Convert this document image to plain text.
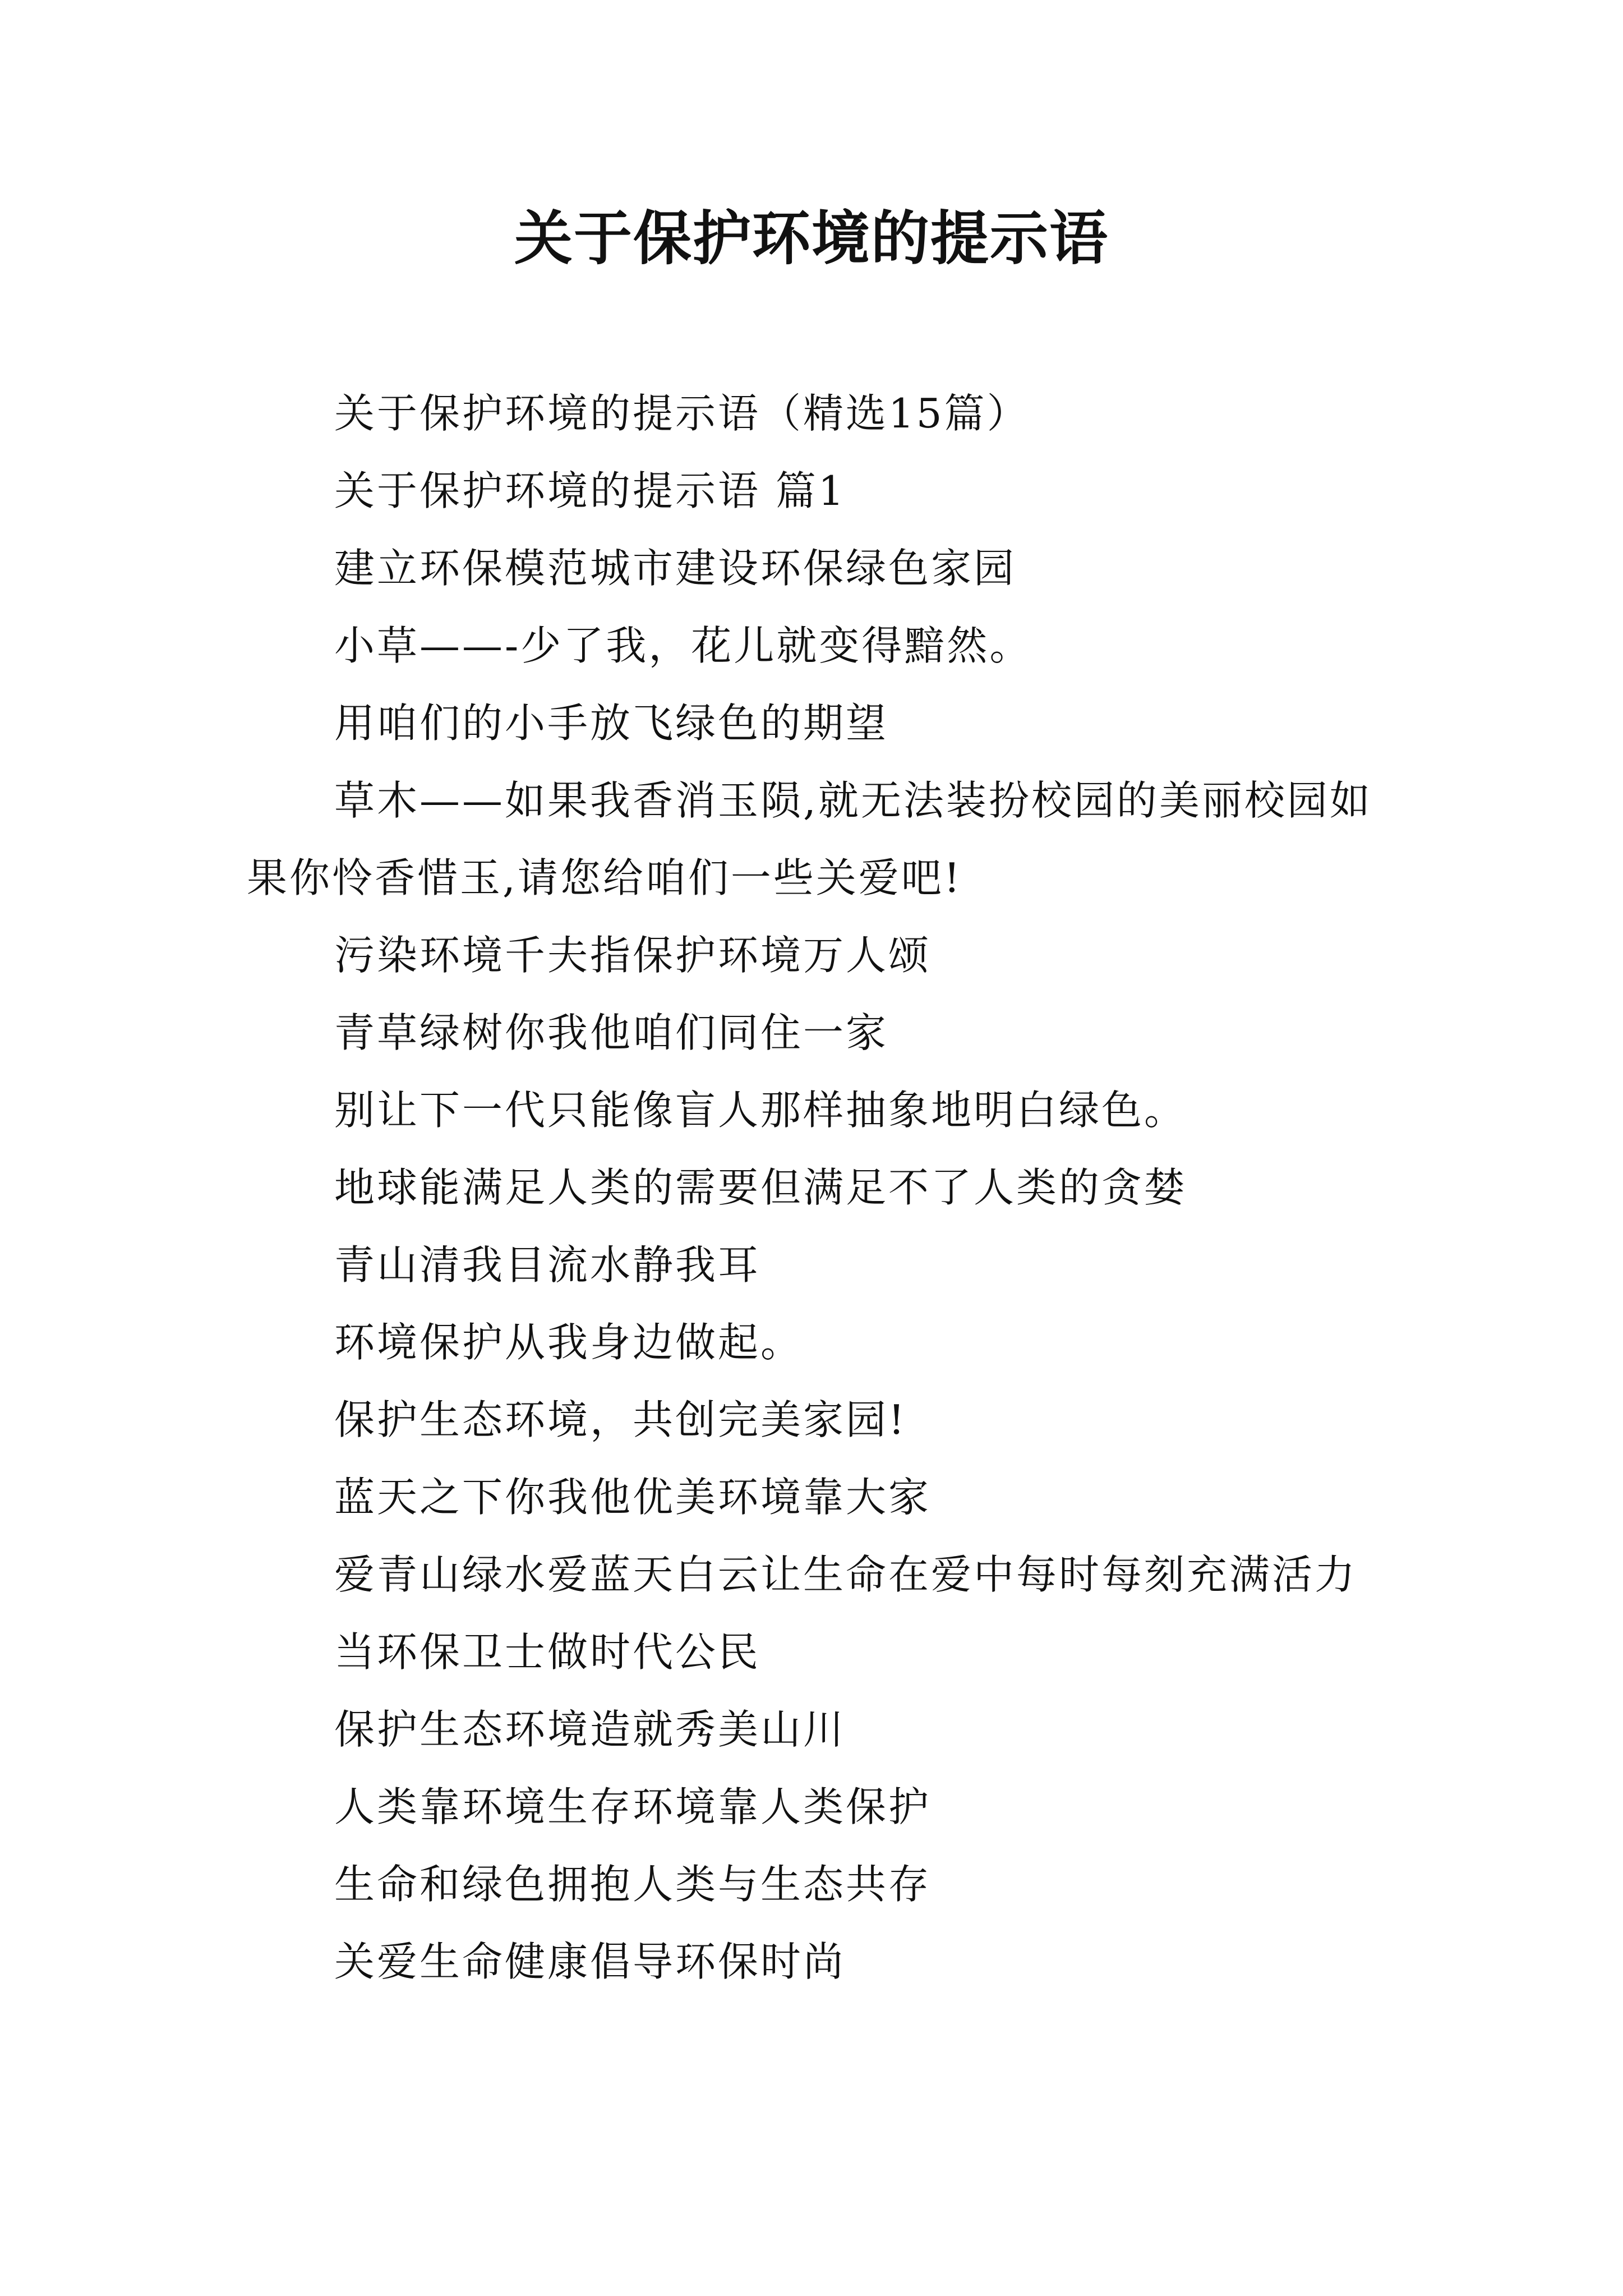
关于保护环境的提示语

关于保护环境的提示语（精选15篇）

关于保护环境的提示语 篇1

建立环保模范城市建设环保绿色家园

小草——-少了我，花儿就变得黯然。

用咱们的小手放飞绿色的期望

草木——如果我香消玉陨,就无法装扮校园的美丽校园如果你怜香惜玉,请您给咱们一些关爱吧!

污染环境千夫指保护环境万人颂

青草绿树你我他咱们同住一家

别让下一代只能像盲人那样抽象地明白绿色。

地球能满足人类的需要但满足不了人类的贪婪

青山清我目流水静我耳

环境保护从我身边做起。

保护生态环境，共创完美家园!

蓝天之下你我他优美环境靠大家

爱青山绿水爱蓝天白云让生命在爱中每时每刻充满活力

当环保卫士做时代公民

保护生态环境造就秀美山川

人类靠环境生存环境靠人类保护

生命和绿色拥抱人类与生态共存

关爱生命健康倡导环保时尚
